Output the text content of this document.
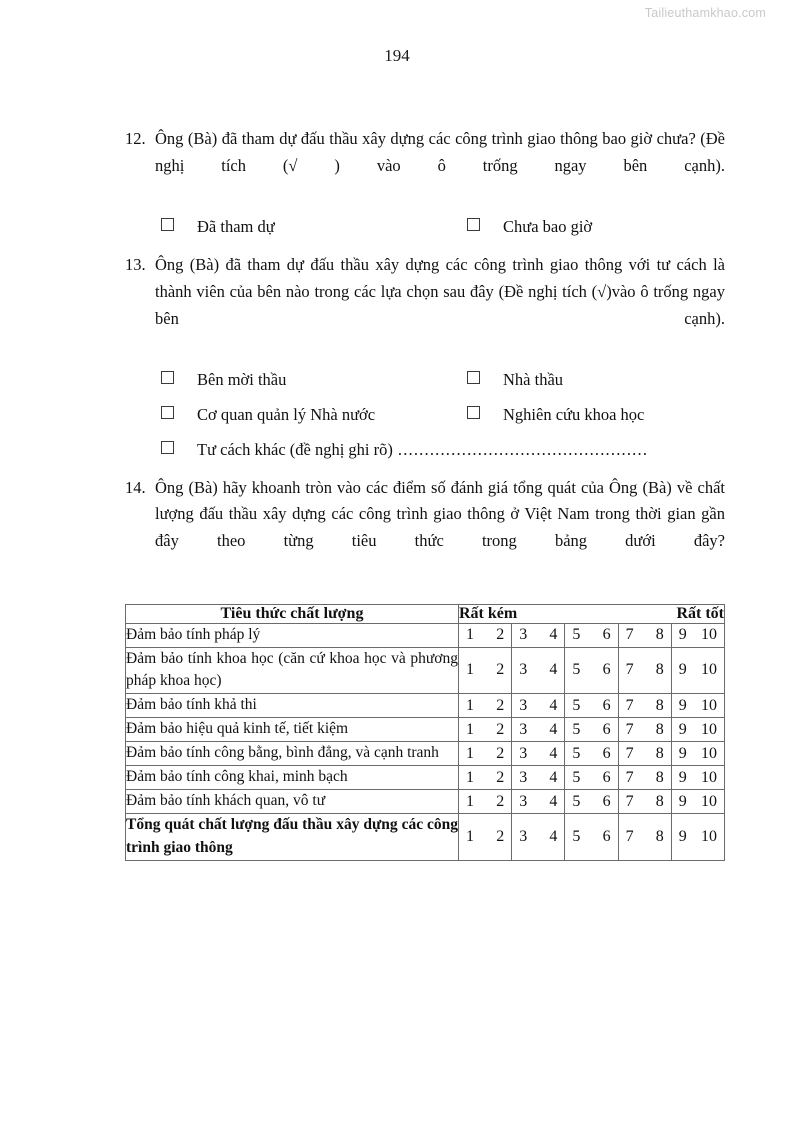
Tailieuthamkhao.com
194
12. Ông (Bà) đã tham dự đấu thầu xây dựng các công trình giao thông bao giờ chưa? (Đề nghị tích (√ ) vào ô trống ngay bên cạnh).
Đã tham dự	Chưa bao giờ
13. Ông (Bà) đã tham dự đấu thầu xây dựng các công trình giao thông với tư cách là thành viên của bên nào trong các lựa chọn sau đây (Đề nghị tích (√)vào ô trống ngay bên cạnh).
Bên mời thầu	Nhà thầu
Cơ quan quản lý Nhà nước	Nghiên cứu khoa học
Tư cách khác (đề nghị ghi rõ) ...............................................
14. Ông (Bà) hãy khoanh tròn vào các điểm số đánh giá tổng quát của Ông (Bà) về chất lượng đấu thầu xây dựng các công trình giao thông ở Việt Nam trong thời gian gần đây theo từng tiêu thức trong bảng dưới đây?
Tiêu thức chất lượng	Rất kém Rất tốt				

Đảm bảo tính pháp lý	1 2	3 4	5 6	7 8	9 10

Đảm bảo tính khoa học (căn cứ khoa học và phương pháp khoa học)	1 2	3 4	5 6	7 8	9 10

Đảm bảo tính khả thi	1 2	3 4	5 6	7 8	9 10

Đảm bảo hiệu quả kinh tế, tiết kiệm	1 2	3 4	5 6	7 8	9 10

Đảm bảo tính công bằng, bình đẳng, và cạnh tranh	1 2	3 4	5 6	7 8	9 10

Đảm bảo tính công khai, minh bạch	1 2	3 4	5 6	7 8	9 10

Đảm bảo tính khách quan, vô tư	1 2	3 4	5 6	7 8	9 10

Tổng quát chất lượng đấu thầu xây dựng các công trình giao thông	1 2	3 4	5 6	7 8	9 10
